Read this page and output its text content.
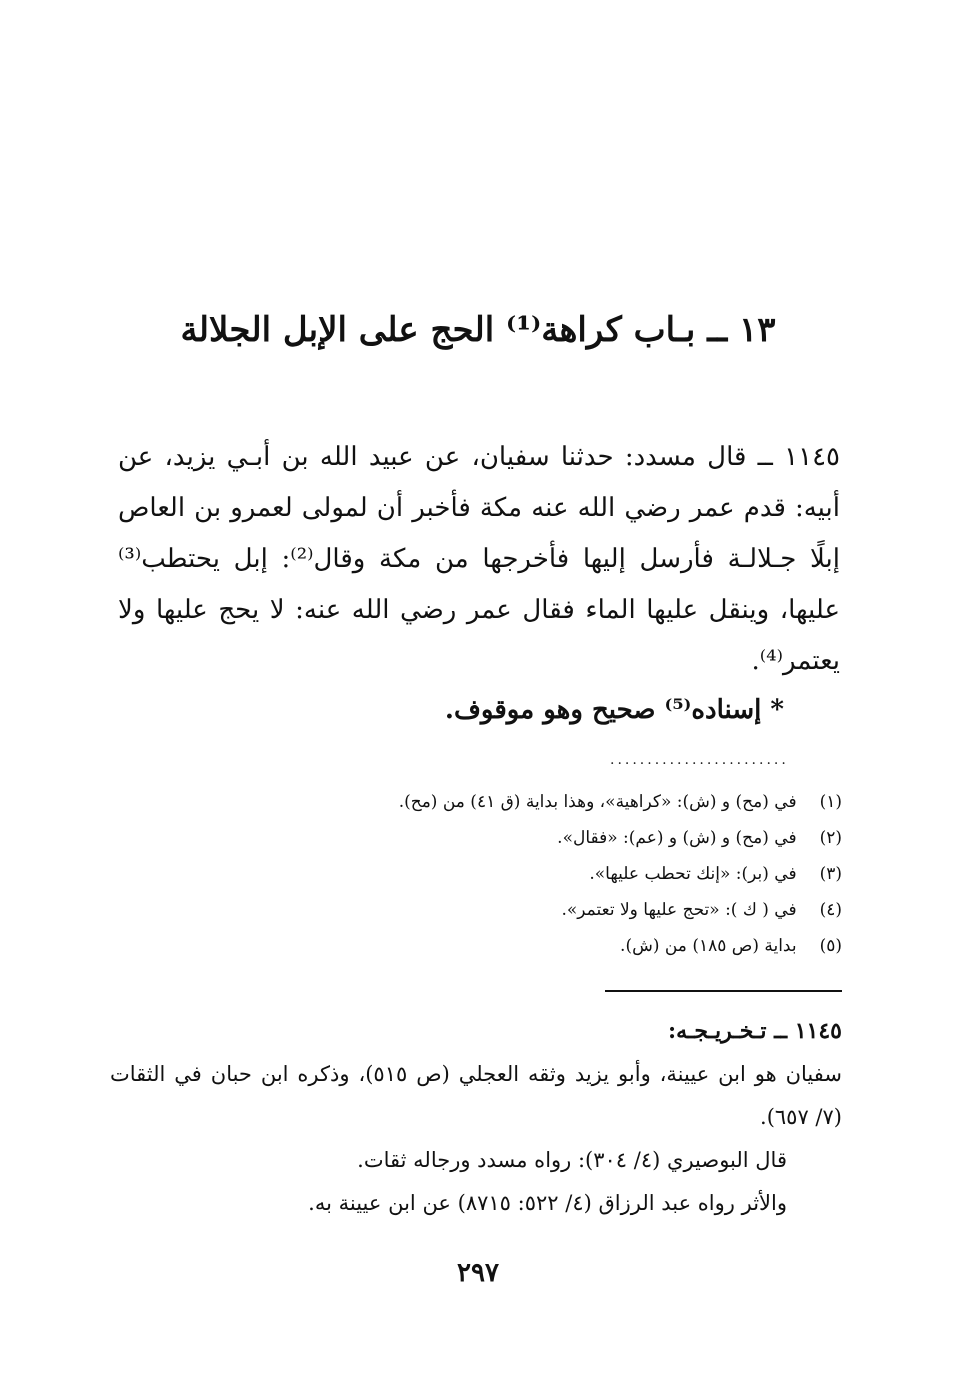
١٣ ــ بـاب كراهة⁽¹⁾ الحج على الإبل الجلالة
١١٤٥ ــ قال مسدد: حدثنا سفيان، عن عبيد الله بن أبـي يزيد، عن أبيه: قدم عمر رضي الله عنه مكة فأخبر أن لمولى لعمرو بن العاص إبلًا جـلالـة فأرسل إليها فأخرجها من مكة وقال⁽²⁾: إبل يحتطب⁽³⁾ عليها، وينقل عليها الماء فقال عمر رضي الله عنه: لا يحج عليها ولا يعتمر⁽⁴⁾.
* إسناده⁽⁵⁾ صحيح وهو موقوف.
........................
(١) في (مح) و (ش): «كراهية»، وهذا بداية (ق ٤١) من (مح).
(٢) في (مح) و (ش) و (عم): «فقال».
(٣) في (بر): «إنك تحطب عليها».
(٤) في ( ك ): «تحج عليها ولا تعتمر».
(٥) بداية (ص ١٨٥) من (ش).
١١٤٥ ــ تـخـريـجـه:
سفيان هو ابن عيينة، وأبو يزيد وثقه العجلي (ص ٥١٥)، وذكره ابن حبان في الثقات (٧/ ٦٥٧).
قال البوصيري (٤/ ٣٠٤): رواه مسدد ورجاله ثقات.
والأثر رواه عبد الرزاق (٤/ ٥٢٢: ٨٧١٥) عن ابن عيينة به.
٢٩٧
